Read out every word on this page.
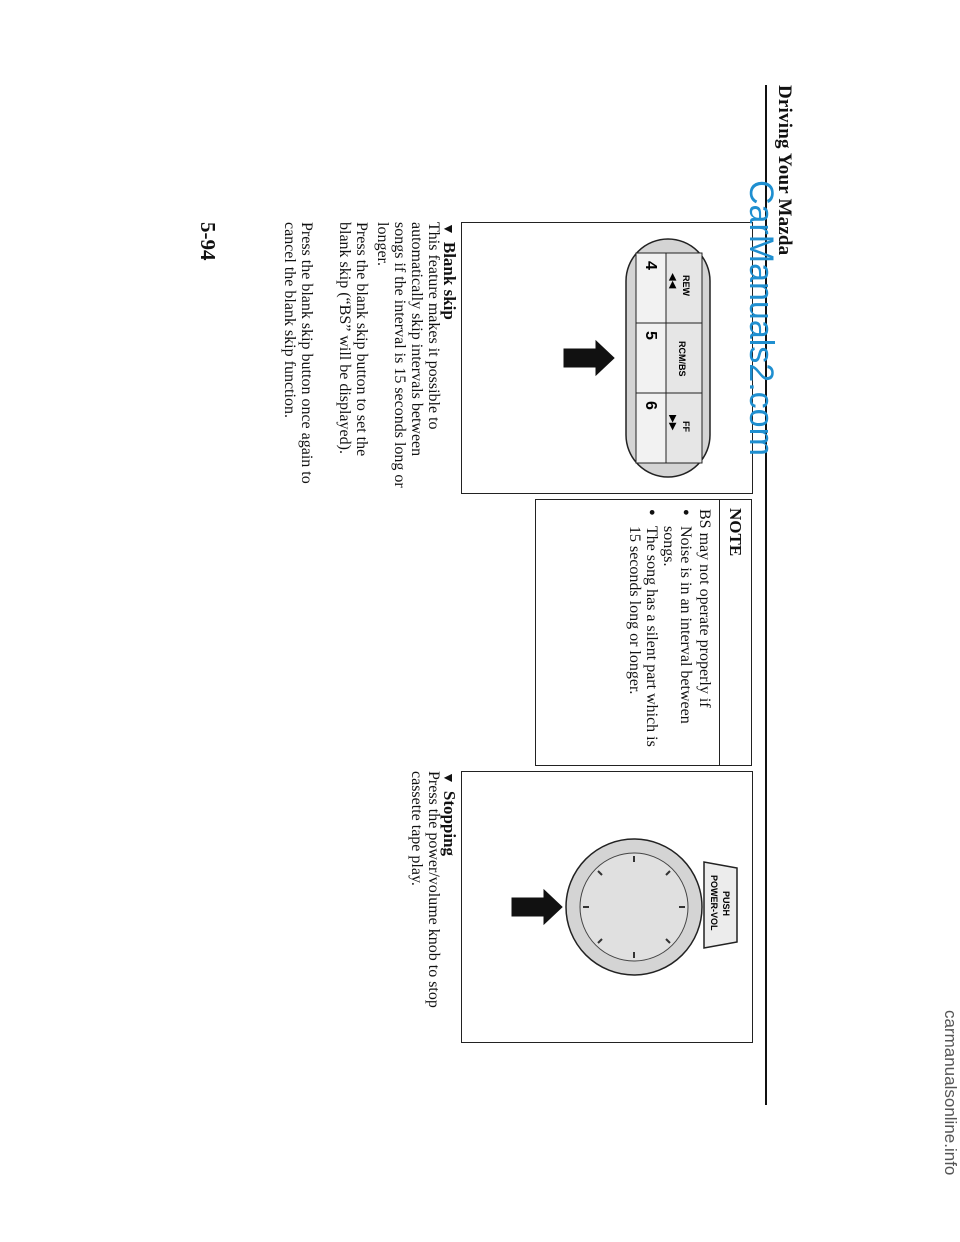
Driving Your Mazda
4
REW
◀◀
5
RCM/BS
6
FF
▶▶
NOTE
BS may not operate properly if
● Noise is in an interval between songs.
● The song has a silent part which is 15 seconds long or longer.
PUSH
POWER-VOL
▼Blank skip
This feature makes it possible to automatically skip intervals between songs if the interval is 15 seconds long or longer.
Press the blank skip button to set the blank skip (“BS” will be displayed).
Press the blank skip button once again to cancel the blank skip function.
▼Stopping
Press the power/volume knob to stop cassette tape play.
5-94	CarManuals2.com
carmanualsonline.info
